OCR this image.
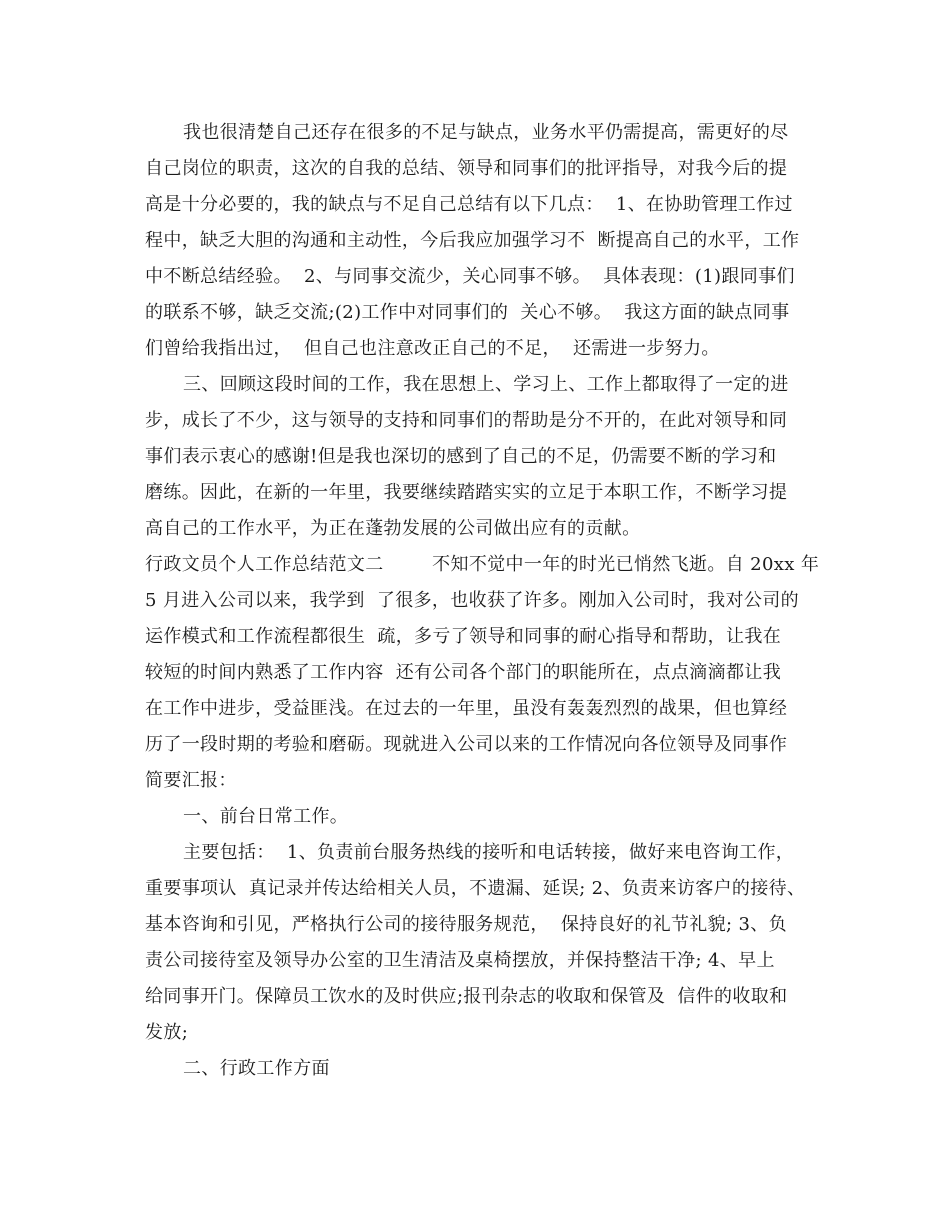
我也很清楚自己还存在很多的不足与缺点，业务水平仍需提高，需更好的尽
自己岗位的职责，这次的自我的总结、领导和同事们的批评指导，对我今后的提
高是十分必要的，我的缺点与不足自己总结有以下几点：  1、在协助管理工作过
程中，缺乏大胆的沟通和主动性，今后我应加强学习不  断提高自己的水平，工作
中不断总结经验。  2、与同事交流少，关心同事不够。  具体表现：(1)跟同事们
的联系不够，缺乏交流;(2)工作中对同事们的  关心不够。  我这方面的缺点同事
们曾给我指出过，  但自己也注意改正自己的不足，  还需进一步努力。
三、回顾这段时间的工作，我在思想上、学习上、工作上都取得了一定的进
步，成长了不少，这与领导的支持和同事们的帮助是分不开的，在此对领导和同
事们表示衷心的感谢!但是我也深切的感到了自己的不足，仍需要不断的学习和
磨练。因此，在新的一年里，我要继续踏踏实实的立足于本职工作，不断学习提
高自己的工作水平，为正在蓬勃发展的公司做出应有的贡献。
行政文员个人工作总结范文二        不知不觉中一年的时光已悄然飞逝。自 20xx 年
5 月进入公司以来，我学到  了很多，也收获了许多。刚加入公司时，我对公司的
运作模式和工作流程都很生  疏，多亏了领导和同事的耐心指导和帮助，让我在
较短的时间内熟悉了工作内容  还有公司各个部门的职能所在，点点滴滴都让我
在工作中进步，受益匪浅。在过去的一年里，虽没有轰轰烈烈的战果，但也算经
历了一段时期的考验和磨砺。现就进入公司以来的工作情况向各位领导及同事作
简要汇报：
一、前台日常工作。
主要包括：  1、负责前台服务热线的接听和电话转接，做好来电咨询工作，
重要事项认  真记录并传达给相关人员，不遗漏、延误; 2、负责来访客户的接待、
基本咨询和引见，严格执行公司的接待服务规范，  保持良好的礼节礼貌; 3、负
责公司接待室及领导办公室的卫生清洁及桌椅摆放，并保持整洁干净; 4、早上
给同事开门。保障员工饮水的及时供应;报刊杂志的收取和保管及  信件的收取和
发放;
二、行政工作方面
